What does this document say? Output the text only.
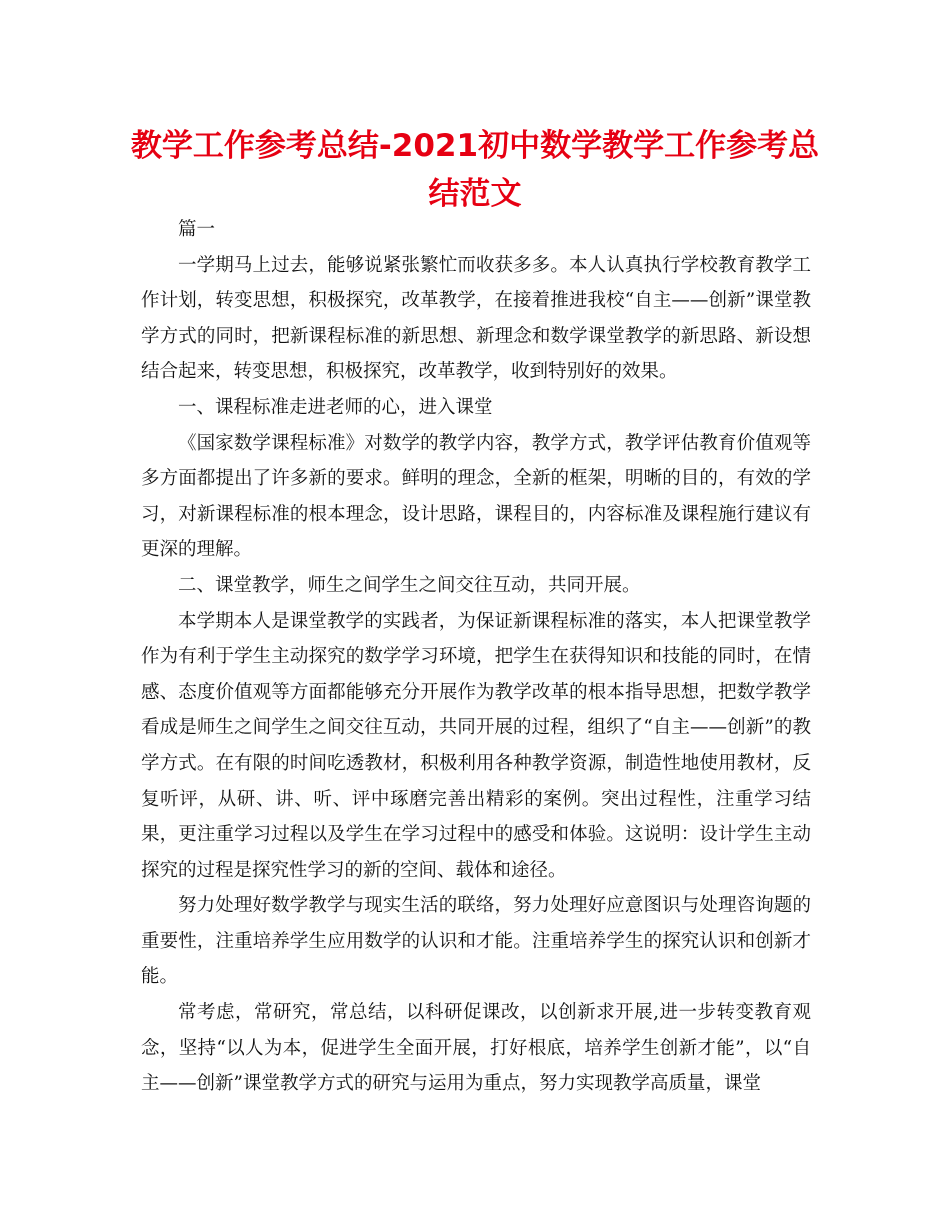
教学工作参考总结-2021初中数学教学工作参考总结范文

篇一

一学期马上过去，能够说紧张繁忙而收获多多。本人认真执行学校教育教学工作计划，转变思想，积极探究，改革教学，在接着推进我校“自主——创新”课堂教学方式的同时，把新课程标准的新思想、新理念和数学课堂教学的新思路、新设想结合起来，转变思想，积极探究，改革教学，收到特别好的效果。

一、课程标准走进老师的心，进入课堂

《国家数学课程标准》对数学的教学内容，教学方式，教学评估教育价值观等多方面都提出了许多新的要求。鲜明的理念，全新的框架，明晰的目的，有效的学习，对新课程标准的根本理念，设计思路，课程目的，内容标准及课程施行建议有更深的理解。

二、课堂教学，师生之间学生之间交往互动，共同开展。

本学期本人是课堂教学的实践者，为保证新课程标准的落实，本人把课堂教学作为有利于学生主动探究的数学学习环境，把学生在获得知识和技能的同时，在情感、态度价值观等方面都能够充分开展作为教学改革的根本指导思想，把数学教学看成是师生之间学生之间交往互动，共同开展的过程，组织了“自主——创新”的教学方式。在有限的时间吃透教材，积极利用各种教学资源，制造性地使用教材，反复听评，从研、讲、听、评中琢磨完善出精彩的案例。突出过程性，注重学习结果，更注重学习过程以及学生在学习过程中的感受和体验。这说明：设计学生主动探究的过程是探究性学习的新的空间、载体和途径。

努力处理好数学教学与现实生活的联络，努力处理好应意图识与处理咨询题的重要性，注重培养学生应用数学的认识和才能。注重培养学生的探究认识和创新才能。

常考虑，常研究，常总结，以科研促课改，以创新求开展,进一步转变教育观念，坚持“以人为本，促进学生全面开展，打好根底，培养学生创新才能”，以“自主——创新”课堂教学方式的研究与运用为重点，努力实现教学高质量，课堂
